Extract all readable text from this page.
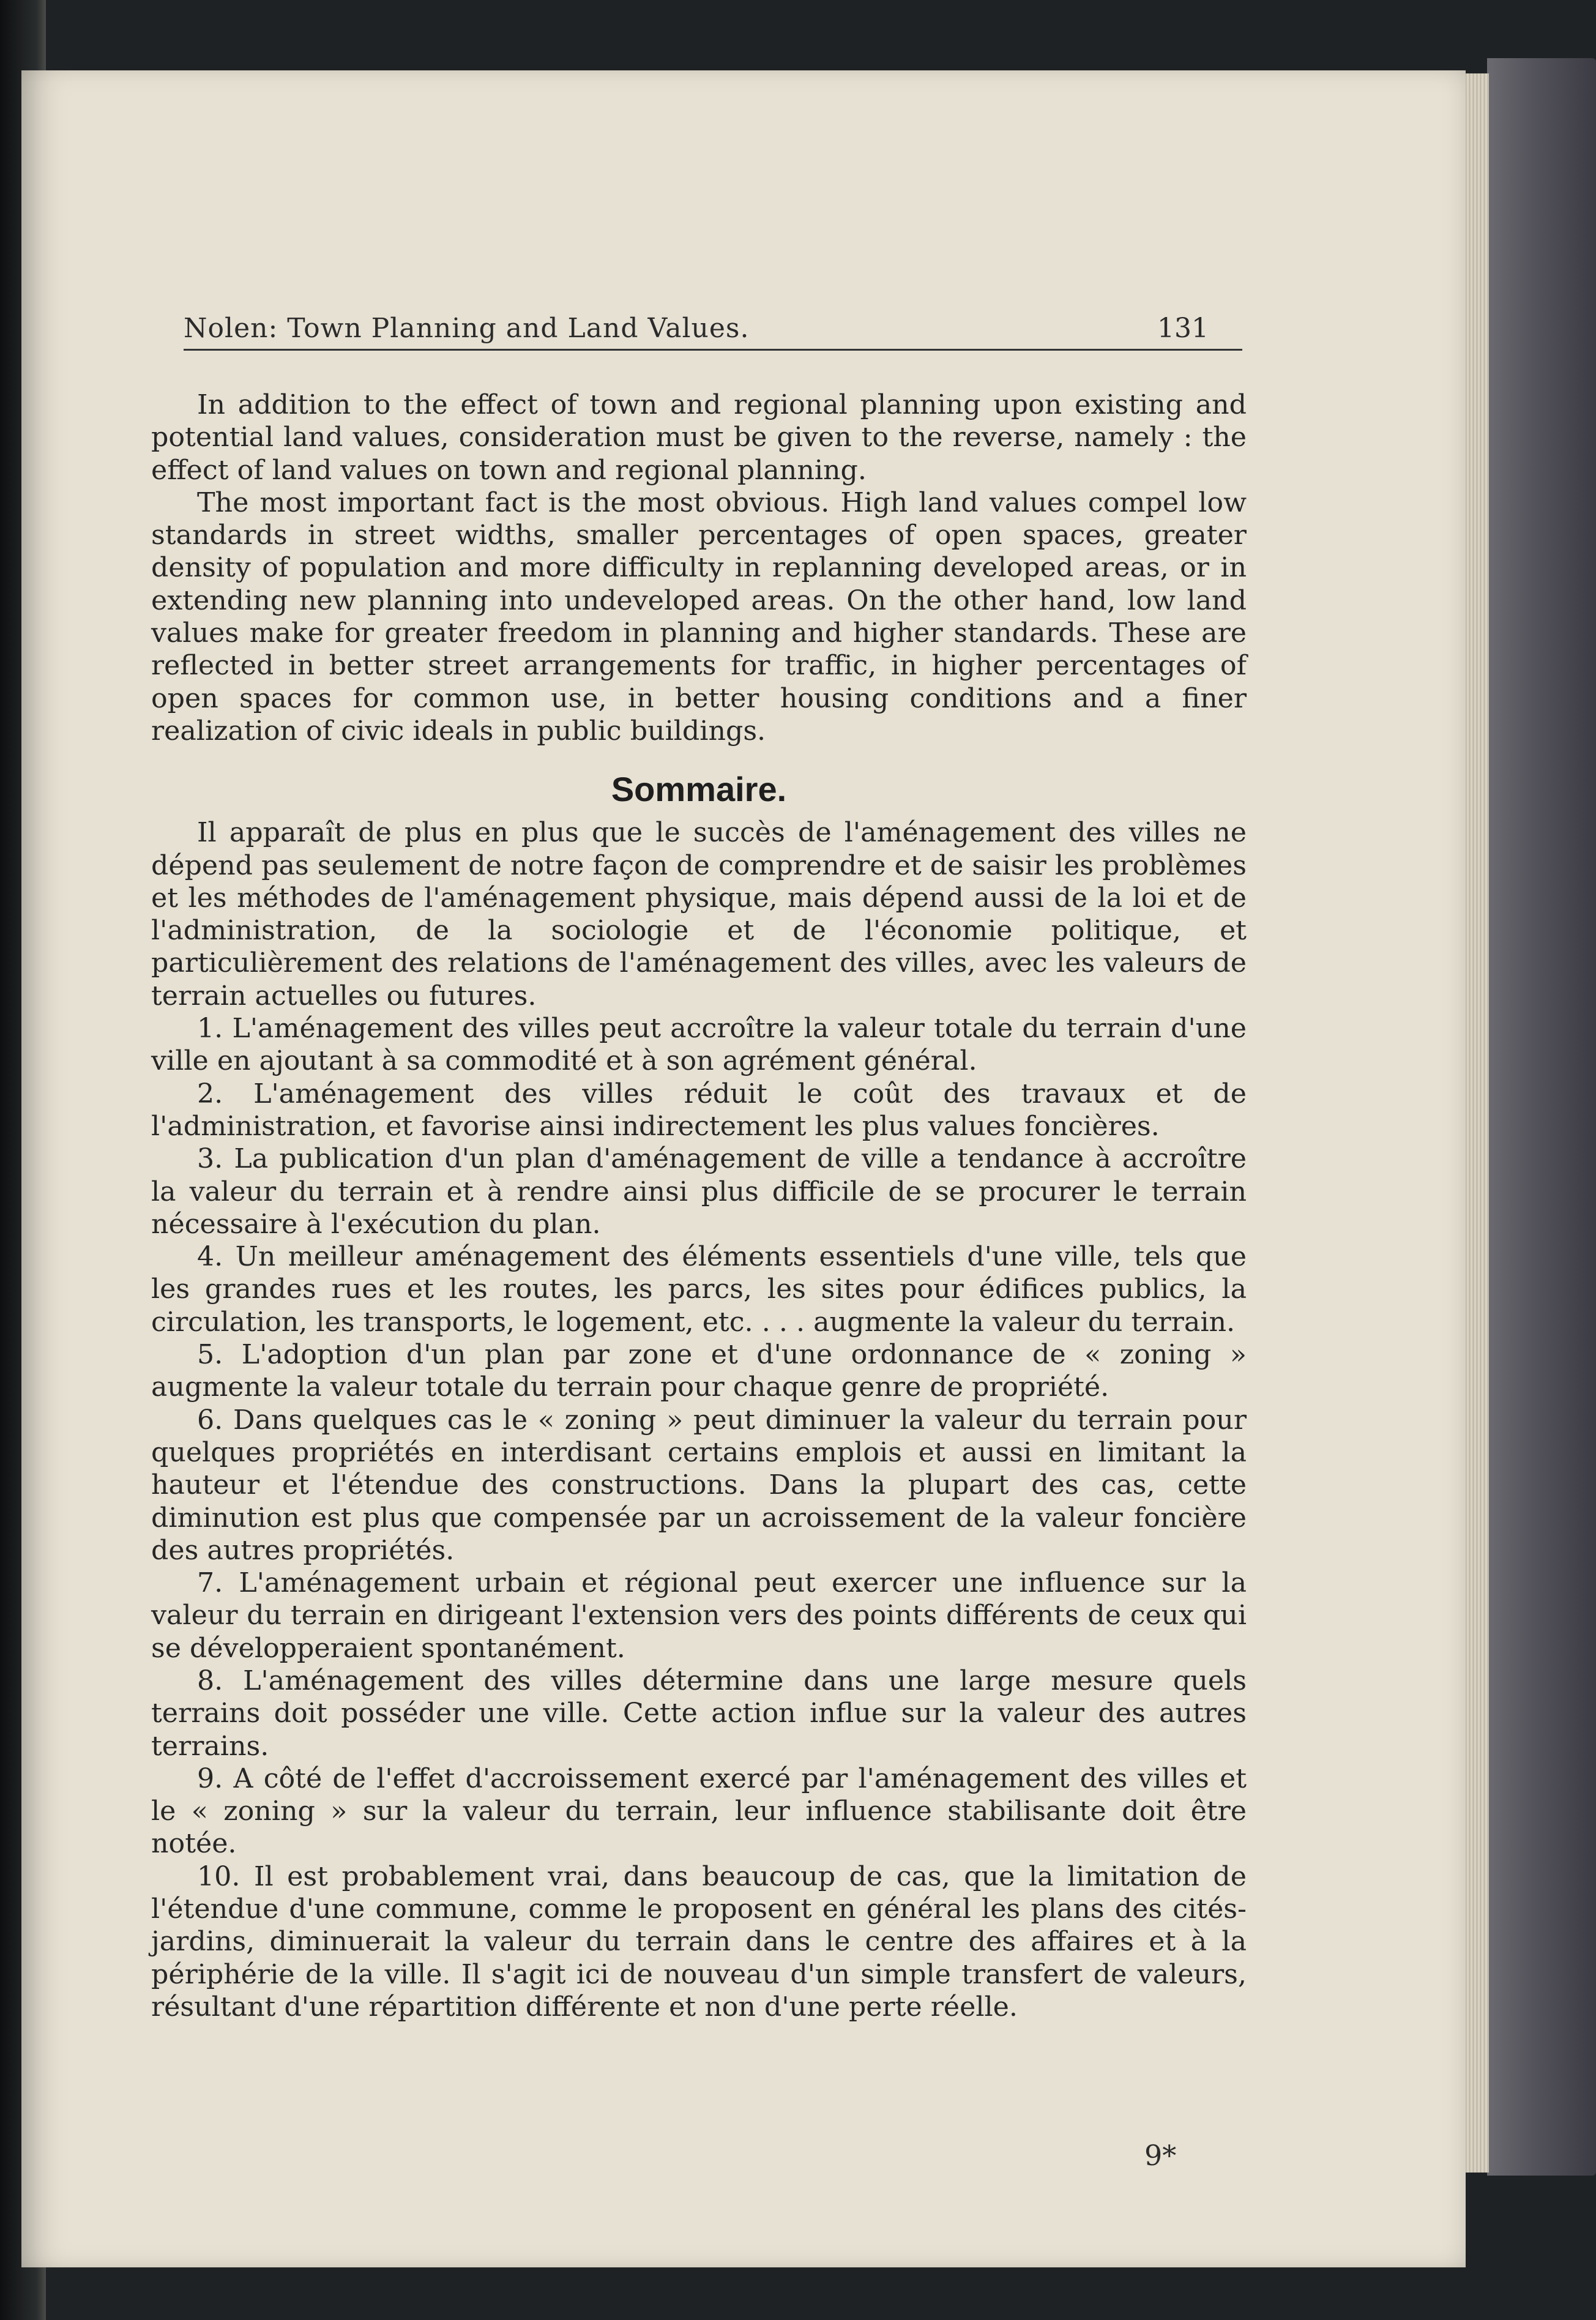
Nolen: Town Planning and Land Values.	131

In addition to the effect of town and regional planning upon existing and potential land values, consideration must be given to the reverse, namely : the effect of land values on town and regional planning.

The most important fact is the most obvious. High land values compel low standards in street widths, smaller percentages of open spaces, greater density of population and more difficulty in replanning developed areas, or in extending new planning into undeveloped areas. On the other hand, low land values make for greater freedom in planning and higher standards. These are reflected in better street arrangements for traffic, in higher percentages of open spaces for common use, in better housing conditions and a finer realization of civic ideals in public buildings.

Sommaire.

Il apparaît de plus en plus que le succès de l'aménagement des villes ne dépend pas seulement de notre façon de comprendre et de saisir les problèmes et les méthodes de l'aménagement physique, mais dépend aussi de la loi et de l'administration, de la sociologie et de l'économie politique, et particulièrement des relations de l'aménagement des villes, avec les valeurs de terrain actuelles ou futures.

1. L'aménagement des villes peut accroître la valeur totale du terrain d'une ville en ajoutant à sa commodité et à son agrément général.

2. L'aménagement des villes réduit le coût des travaux et de l'administration, et favorise ainsi indirectement les plus values foncières.

3. La publication d'un plan d'aménagement de ville a tendance à accroître la valeur du terrain et à rendre ainsi plus difficile de se procurer le terrain nécessaire à l'exécution du plan.

4. Un meilleur aménagement des éléments essentiels d'une ville, tels que les grandes rues et les routes, les parcs, les sites pour édifices publics, la circulation, les transports, le logement, etc. . . . augmente la valeur du terrain.

5. L'adoption d'un plan par zone et d'une ordonnance de « zoning » augmente la valeur totale du terrain pour chaque genre de propriété.

6. Dans quelques cas le « zoning » peut diminuer la valeur du terrain pour quelques propriétés en interdisant certains emplois et aussi en limitant la hauteur et l'étendue des constructions. Dans la plupart des cas, cette diminution est plus que compensée par un acroissement de la valeur foncière des autres propriétés.

7. L'aménagement urbain et régional peut exercer une influence sur la valeur du terrain en dirigeant l'extension vers des points différents de ceux qui se développeraient spontanément.

8. L'aménagement des villes détermine dans une large mesure quels terrains doit posséder une ville. Cette action influe sur la valeur des autres terrains.

9. A côté de l'effet d'accroissement exercé par l'aménagement des villes et le « zoning » sur la valeur du terrain, leur influence stabilisante doit être notée.

10. Il est probablement vrai, dans beaucoup de cas, que la limitation de l'étendue d'une commune, comme le proposent en général les plans des cités-jardins, diminuerait la valeur du terrain dans le centre des affaires et à la périphérie de la ville. Il s'agit ici de nouveau d'un simple transfert de valeurs, résultant d'une répartition différente et non d'une perte réelle.

9*
